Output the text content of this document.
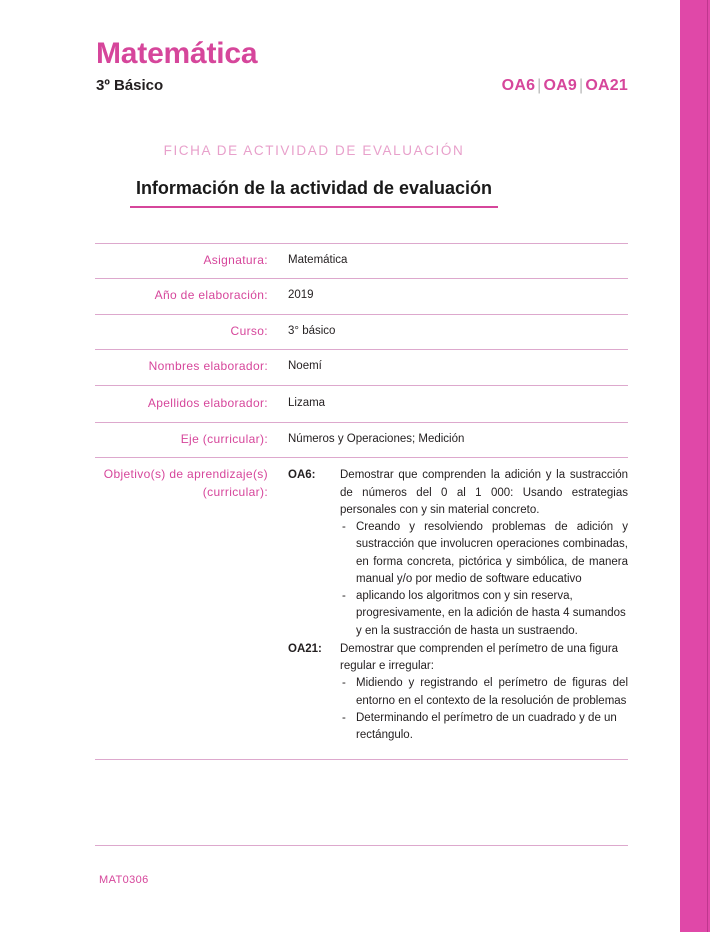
Matemática
3º Básico	OA6 | OA9 | OA21
FICHA DE ACTIVIDAD DE EVALUACIÓN
Información de la actividad de evaluación
Asignatura:	Matemática
Año de elaboración:	2019
Curso:	3° básico
Nombres elaborador:	Noemí
Apellidos elaborador:	Lizama
Eje (curricular):	Números y Operaciones; Medición
Objetivo(s) de aprendizaje(s) (curricular):	
OA6:	Demostrar que comprenden la adición y la sustracción de números del 0 al 1 000: Usando estrategias personales con y sin material concreto.
- Creando y resolviendo problemas de adición y sustracción que involucren operaciones combinadas, en forma concreta, pictórica y simbólica, de manera manual y/o por medio de software educativo
- aplicando los algoritmos con y sin reserva, progresivamente, en la adición de hasta 4 sumandos y en la sustracción de hasta un sustraendo.
OA21:	Demostrar que comprenden el perímetro de una figura regular e irregular:
- Midiendo y registrando el perímetro de figuras del entorno en el contexto de la resolución de problemas
- Determinando el perímetro de un cuadrado y de un rectángulo.
MAT0306
